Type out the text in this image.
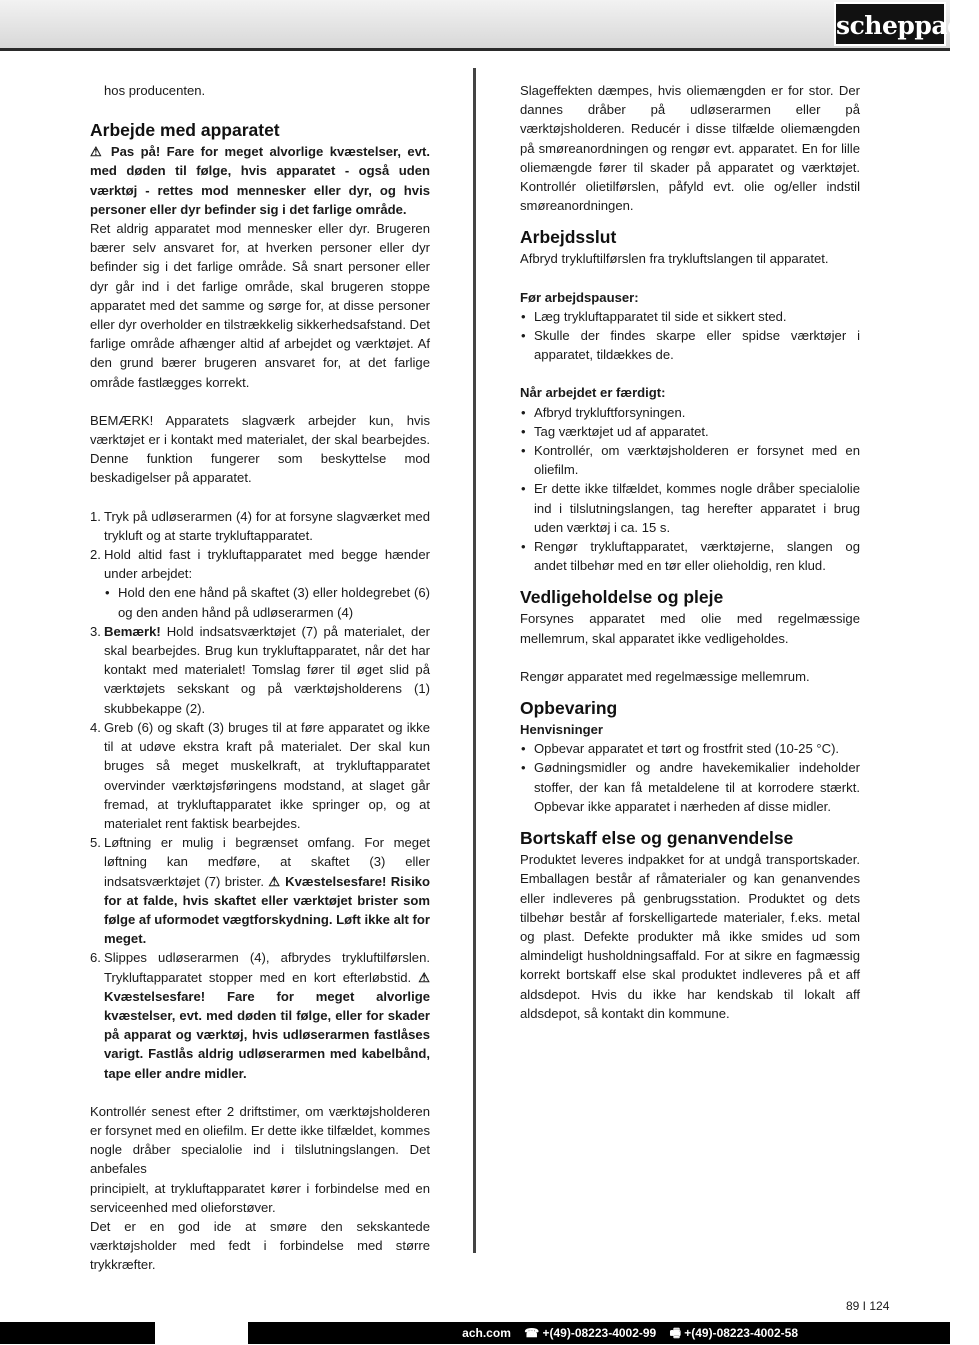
scheppach

hos producenten.

Arbejde med apparatet

⚠ Pas på! Fare for meget alvorlige kvæstelser, evt. med døden til følge, hvis apparatet - også uden værktøj - rettes mod mennesker eller dyr, og hvis personer eller dyr befinder sig i det farlige område.

Ret aldrig apparatet mod mennesker eller dyr. Brugeren bærer selv ansvaret for, at hverken personer eller dyr befinder sig i det farlige område. Så snart personer eller dyr går ind i det farlige område, skal brugeren stoppe apparatet med det samme og sørge for, at disse personer eller dyr overholder en tilstrækkelig sikkerhedsafstand. Det farlige område afhænger altid af arbejdet og værktøjet. Af den grund bærer brugeren ansvaret for, at det farlige område fastlægges korrekt.

BEMÆRK! Apparatets slagværk arbejder kun, hvis værktøjet er i kontakt med materialet, der skal bearbejdes. Denne funktion fungerer som beskyttelse mod beskadigelser på apparatet.

1. Tryk på udløserarmen (4) for at forsyne slagværket med trykluft og at starte trykluftapparatet.
2. Hold altid fast i trykluftapparatet med begge hænder under arbejdet:
• Hold den ene hånd på skaftet (3) eller holdegrebet (6) og den anden hånd på udløserarmen (4)
3. Bemærk! Hold indsatsværktøjet (7) på materialet, der skal bearbejdes. Brug kun trykluftapparatet, når det har kontakt med materialet! Tomslag fører til øget slid på værktøjets sekskant og på værktøjsholderens (1) skubbekappe (2).
4. Greb (6) og skaft (3) bruges til at føre apparatet og ikke til at udøve ekstra kraft på materialet. Der skal kun bruges så meget muskelkraft, at trykluftapparatet overvinder værktøjsføringens modstand, at slaget går fremad, at trykluftapparatet ikke springer op, og at materialet rent faktisk bearbejdes.
5. Løftning er mulig i begrænset omfang. For meget løftning kan medføre, at skaftet (3) eller indsatsværktøjet (7) brister. ⚠ Kvæstelsesfare! Risiko for at falde, hvis skaftet eller værktøjet brister som følge af uformodet vægtforskydning. Løft ikke alt for meget.
6. Slippes udløserarmen (4), afbrydes trykluftilførslen. Trykluftapparatet stopper med en kort efterløbstid. ⚠ Kvæstelsesfare! Fare for meget alvorlige kvæstelser, evt. med døden til følge, eller for skader på apparat og værktøj, hvis udløserarmen fastlåses varigt. Fastlås aldrig udløserarmen med kabelbånd, tape eller andre midler.

Kontrollér senest efter 2 driftstimer, om værktøjsholderen er forsynet med en oliefilm. Er dette ikke tilfældet, kommes nogle dråber specialolie ind i tilslutningslangen. Det anbefales

principielt, at trykluftapparatet kører i forbindelse med en serviceenhed med olieforstøver.

Det er en god ide at smøre den sekskantede værktøjsholder med fedt i forbindelse med større trykkræfter.

Slageffekten dæmpes, hvis oliemængden er for stor. Der dannes dråber på udløserarmen eller på værktøjsholderen. Reducér i disse tilfælde oliemængden på smøreanordningen og rengør evt. apparatet. En for lille oliemængde fører til skader på apparatet og værktøjet. Kontrollér olietilførslen, påfyld evt. olie og/eller indstil smøreanordningen.

Arbejdsslut

Afbryd trykluftilførslen fra trykluftslangen til apparatet.

Før arbejdspauser:

• Læg trykluftapparatet til side et sikkert sted.
• Skulle der findes skarpe eller spidse værktøjer i apparatet, tildækkes de.

Når arbejdet er færdigt:

• Afbryd trykluftforsyningen.
• Tag værktøjet ud af apparatet.
• Kontrollér, om værktøjsholderen er forsynet med en oliefilm.
• Er dette ikke tilfældet, kommes nogle dråber specialolie ind i tilslutningslangen, tag herefter apparatet i brug uden værktøj i ca. 15 s.
• Rengør trykluftapparatet, værktøjerne, slangen og andet tilbehør med en tør eller olieholdig, ren klud.
Vedligeholdelse og pleje

Forsynes apparatet med olie med regelmæssige mellemrum, skal apparatet ikke vedligeholdes.

Rengør apparatet med regelmæssige mellemrum.

Opbevaring

Henvisninger

• Opbevar apparatet et tørt og frostfrit sted (10-25 °C).
• Gødningsmidler og andre havekemikalier indeholder stoffer, der kan få metaldelene til at korrodere stærkt. Opbevar ikke apparatet i nærheden af disse midler.
Bortskaff else og genanvendelse

Produktet leveres indpakket for at undgå transportskader. Emballagen består af råmaterialer og kan genanvendes eller indleveres på genbrugsstation. Produktet og dets tilbehør består af forskelligartede materialer, f.eks. metal og plast. Defekte produkter må ikke smides ud som almindeligt husholdningsaffald. For at sikre en fagmæssig korrekt bortskaff else skal produktet indleveres på et aff aldsdepot. Hvis du ikke har kendskab til lokalt aff aldsdepot, så kontakt din kommune.

89 I 124
ach.com ☎ +(49)-08223-4002-99 🖷 +(49)-08223-4002-58
